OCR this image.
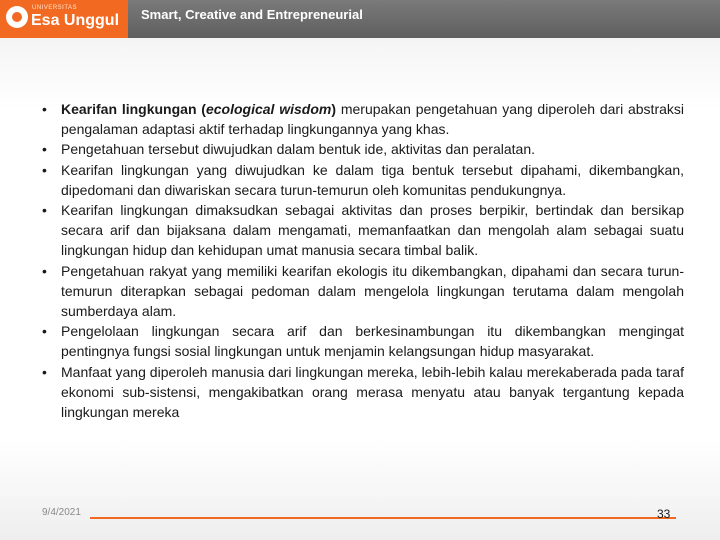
UNIVERSITAS
Esa Unggul Smart, Creative and Entrepreneurial
• Kearifan lingkungan (ecological wisdom) merupakan pengetahuan yang diperoleh dari abstraksi pengalaman adaptasi aktif terhadap lingkungannya yang khas.
• Pengetahuan tersebut diwujudkan dalam bentuk ide, aktivitas dan peralatan.
• Kearifan lingkungan yang diwujudkan ke dalam tiga bentuk tersebut dipahami, dikembangkan, dipedomani dan diwariskan secara turun-temurun oleh komunitas pendukungnya.
• Kearifan lingkungan dimaksudkan sebagai aktivitas dan proses berpikir, bertindak dan bersikap secara arif dan bijaksana dalam mengamati, memanfaatkan dan mengolah alam sebagai suatu lingkungan hidup dan kehidupan umat manusia secara timbal balik.
• Pengetahuan rakyat yang memiliki kearifan ekologis itu dikembangkan, dipahami dan secara turun-temurun diterapkan sebagai pedoman dalam mengelola lingkungan terutama dalam mengolah sumberdaya alam.
• Pengelolaan lingkungan secara arif dan berkesinambungan itu dikembangkan mengingat pentingnya fungsi sosial lingkungan untuk menjamin kelangsungan hidup masyarakat.
• Manfaat yang diperoleh manusia dari lingkungan mereka, lebih-lebih kalau merekaberada pada taraf ekonomi sub-sistensi, mengakibatkan orang merasa menyatu atau banyak tergantung kepada lingkungan mereka
9/4/2021	33
